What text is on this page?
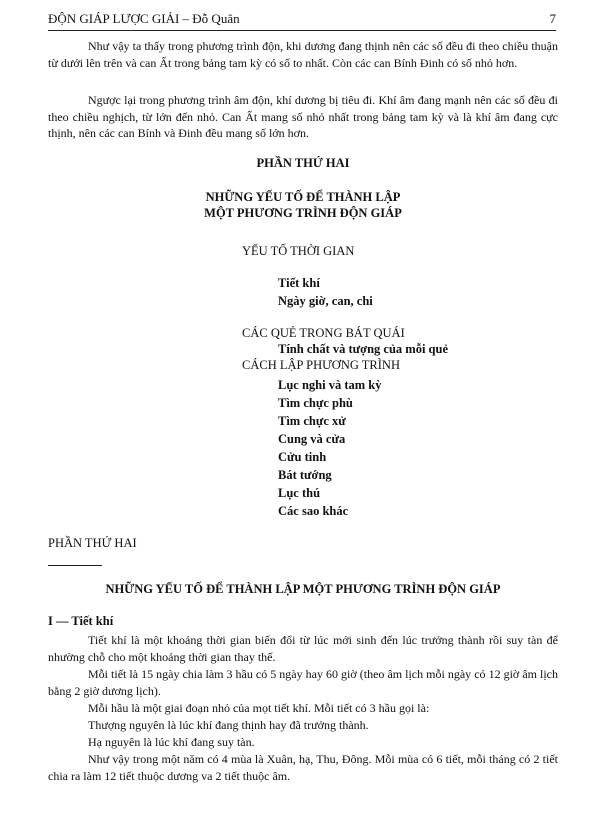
ĐỘN GIÁP LƯỢC GIẢI – Đỗ Quân	7

Như vậy ta thấy trong phương trình độn, khi dương đang thịnh nên các số đều đi theo chiều thuận từ dưới lên trên và can Ất trong bảng tam kỳ có số to nhất. Còn các can Bính Đinh có số nhỏ hơn.

Ngược lại trong phương trình âm độn, khí dương bị tiêu đi. Khí âm đang mạnh nên các số đều đi theo chiều nghịch, từ lớn đến nhỏ. Can Ất mang số nhỏ nhất trong bảng tam kỳ và là khí âm đang cực thịnh, nên các can Bính và Đinh đều mang số lớn hơn.

PHẦN THỨ HAI

NHỮNG YẾU TỐ ĐỂ THÀNH LẬP

MỘT PHƯƠNG TRÌNH ĐỘN GIÁP

YẾU TỐ THỜI GIAN

Tiết khí

Ngày giờ, can, chi

CÁC QUẺ TRONG BÁT QUÁI

Tính chất và tượng của mỗi quẻ

CÁCH LẬP PHƯƠNG TRÌNH

Lục nghi và tam kỳ

Tìm chực phù

Tìm chực xử

Cung và cửa

Cửu tinh

Bát tướng

Lục thú

Các sao khác

PHẦN THỨ HAI

NHỮNG YẾU TỐ ĐỂ THÀNH LẬP MỘT PHƯƠNG TRÌNH ĐỘN GIÁP

I — Tiết khí

Tiết khí là một khoảng thời gian biến đổi từ lúc mới sinh đến lúc trưởng thành rồi suy tàn để nhường chỗ cho một khoảng thời gian thay thế.

Mỗi tiết là 15 ngày chia làm 3 hầu có 5 ngày hay 60 giờ (theo âm lịch mỗi ngày có 12 giờ âm lịch bằng 2 giờ dương lịch).

Mỗi hầu là một giai đoạn nhỏ của mọt tiết khí. Mỗi tiết có 3 hầu gọi là:

Thượng nguyên là lúc khí đang thịnh hay đã trưởng thành.

Hạ nguyên là lúc khí đang suy tàn.

Như vậy trong một năm có 4 mùa là Xuân, hạ, Thu, Đông. Mỗi mùa có 6 tiết, mỗi tháng có 2 tiết chia ra làm 12 tiết thuộc dương va 2 tiết thuộc âm.
